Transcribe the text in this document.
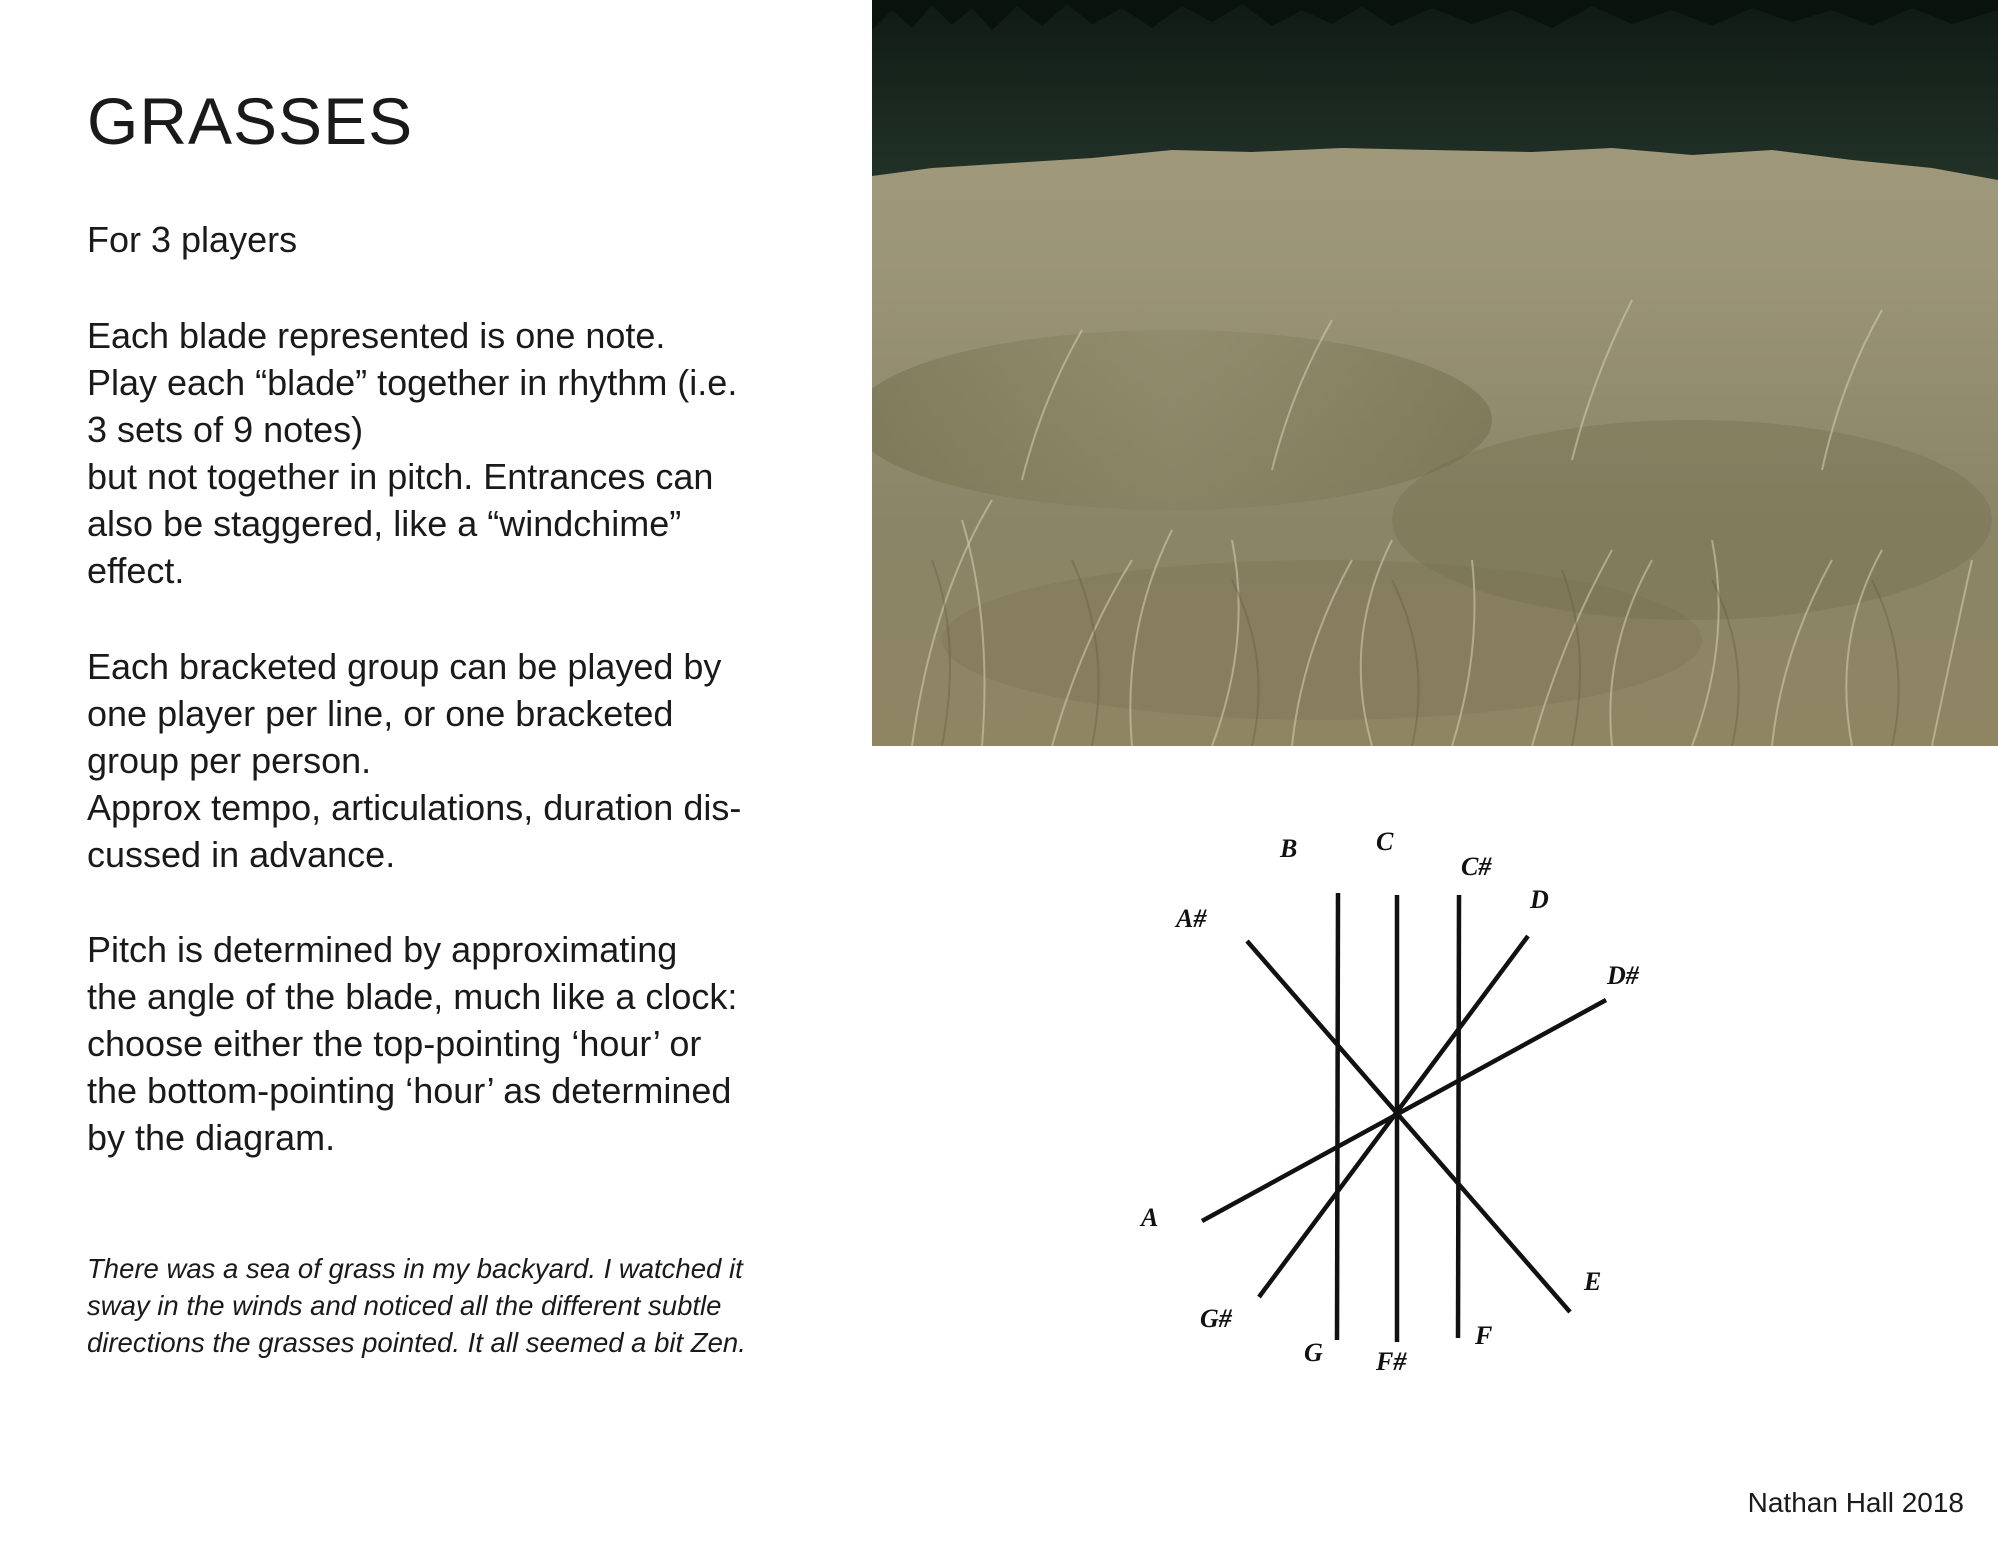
GRASSES

For 3 players

Each blade represented is one note.

Play each “blade” together in rhythm (i.e.

3 sets of 9 notes)

but not together in pitch. Entrances can

also be staggered, like a “windchime”

effect.

Each bracketed group can be played by

one player per line, or one bracketed

group per person.

Approx tempo, articulations, duration dis-

cussed in advance.

Pitch is determined by approximating

the angle of the blade, much like a clock:

choose either the top-pointing ‘hour’ or

the bottom-pointing ‘hour’ as determined

by the diagram.

There was a sea of grass in my backyard. I watched it
sway in the winds and noticed all the different subtle
directions the grasses pointed. It all seemed a bit Zen.
C
C#
D
D#
E
F
F#
G
G#
A
A#
B

Nathan Hall 2018
